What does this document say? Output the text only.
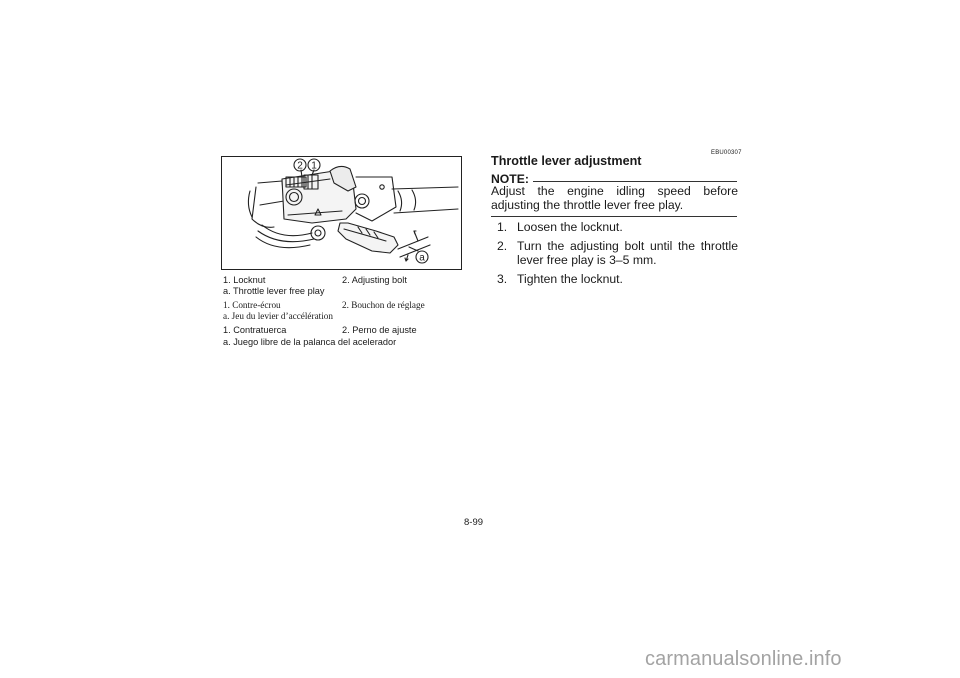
2 1
a
1. Locknut	2. Adjusting bolt
a. Throttle lever free play
1. Contre-écrou	2. Bouchon de réglage
a. Jeu du levier d’accélération
1. Contratuerca	2. Perno de ajuste
a. Juego libre de la palanca del acelerador
EBU00307
Throttle lever adjustment
NOTE:
Adjust the engine idling speed before adjusting the throttle lever free play.
1. Loosen the locknut.
2. Turn the adjusting bolt until the throttle lever free play is 3–5 mm.
3. Tighten the locknut.
8-99
carmanualsonline.info
